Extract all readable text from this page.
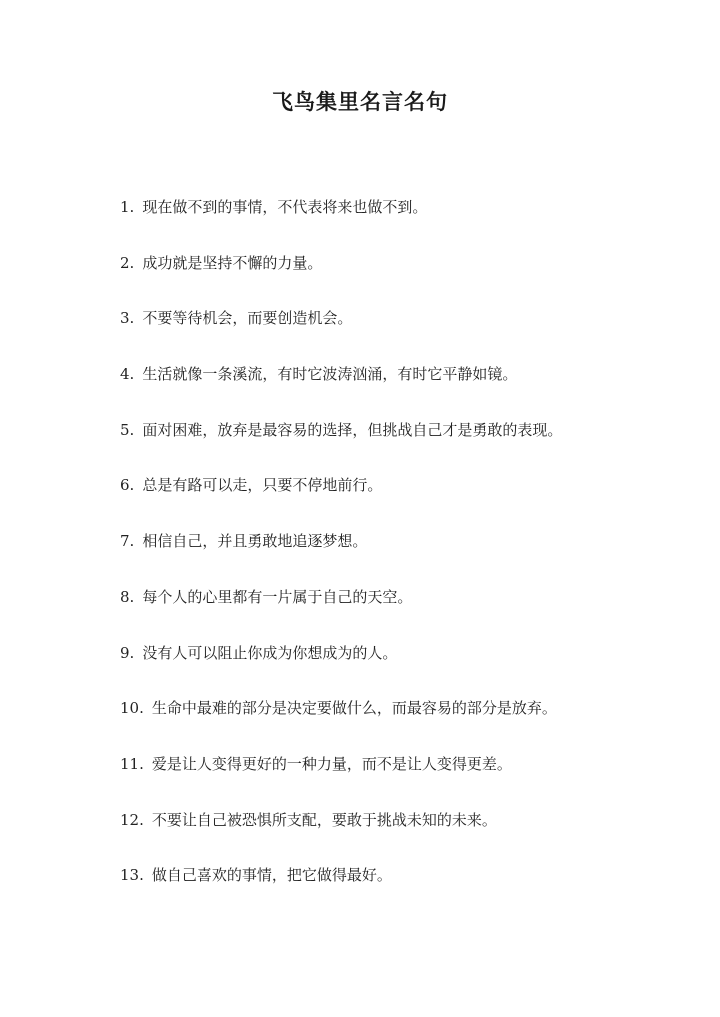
飞鸟集里名言名句
1. 现在做不到的事情，不代表将来也做不到。
2. 成功就是坚持不懈的力量。
3. 不要等待机会，而要创造机会。
4. 生活就像一条溪流，有时它波涛汹涌，有时它平静如镜。
5. 面对困难，放弃是最容易的选择，但挑战自己才是勇敢的表现。
6. 总是有路可以走，只要不停地前行。
7. 相信自己，并且勇敢地追逐梦想。
8. 每个人的心里都有一片属于自己的天空。
9. 没有人可以阻止你成为你想成为的人。
10. 生命中最难的部分是决定要做什么，而最容易的部分是放弃。
11. 爱是让人变得更好的一种力量，而不是让人变得更差。
12. 不要让自己被恐惧所支配，要敢于挑战未知的未来。
13. 做自己喜欢的事情，把它做得最好。
